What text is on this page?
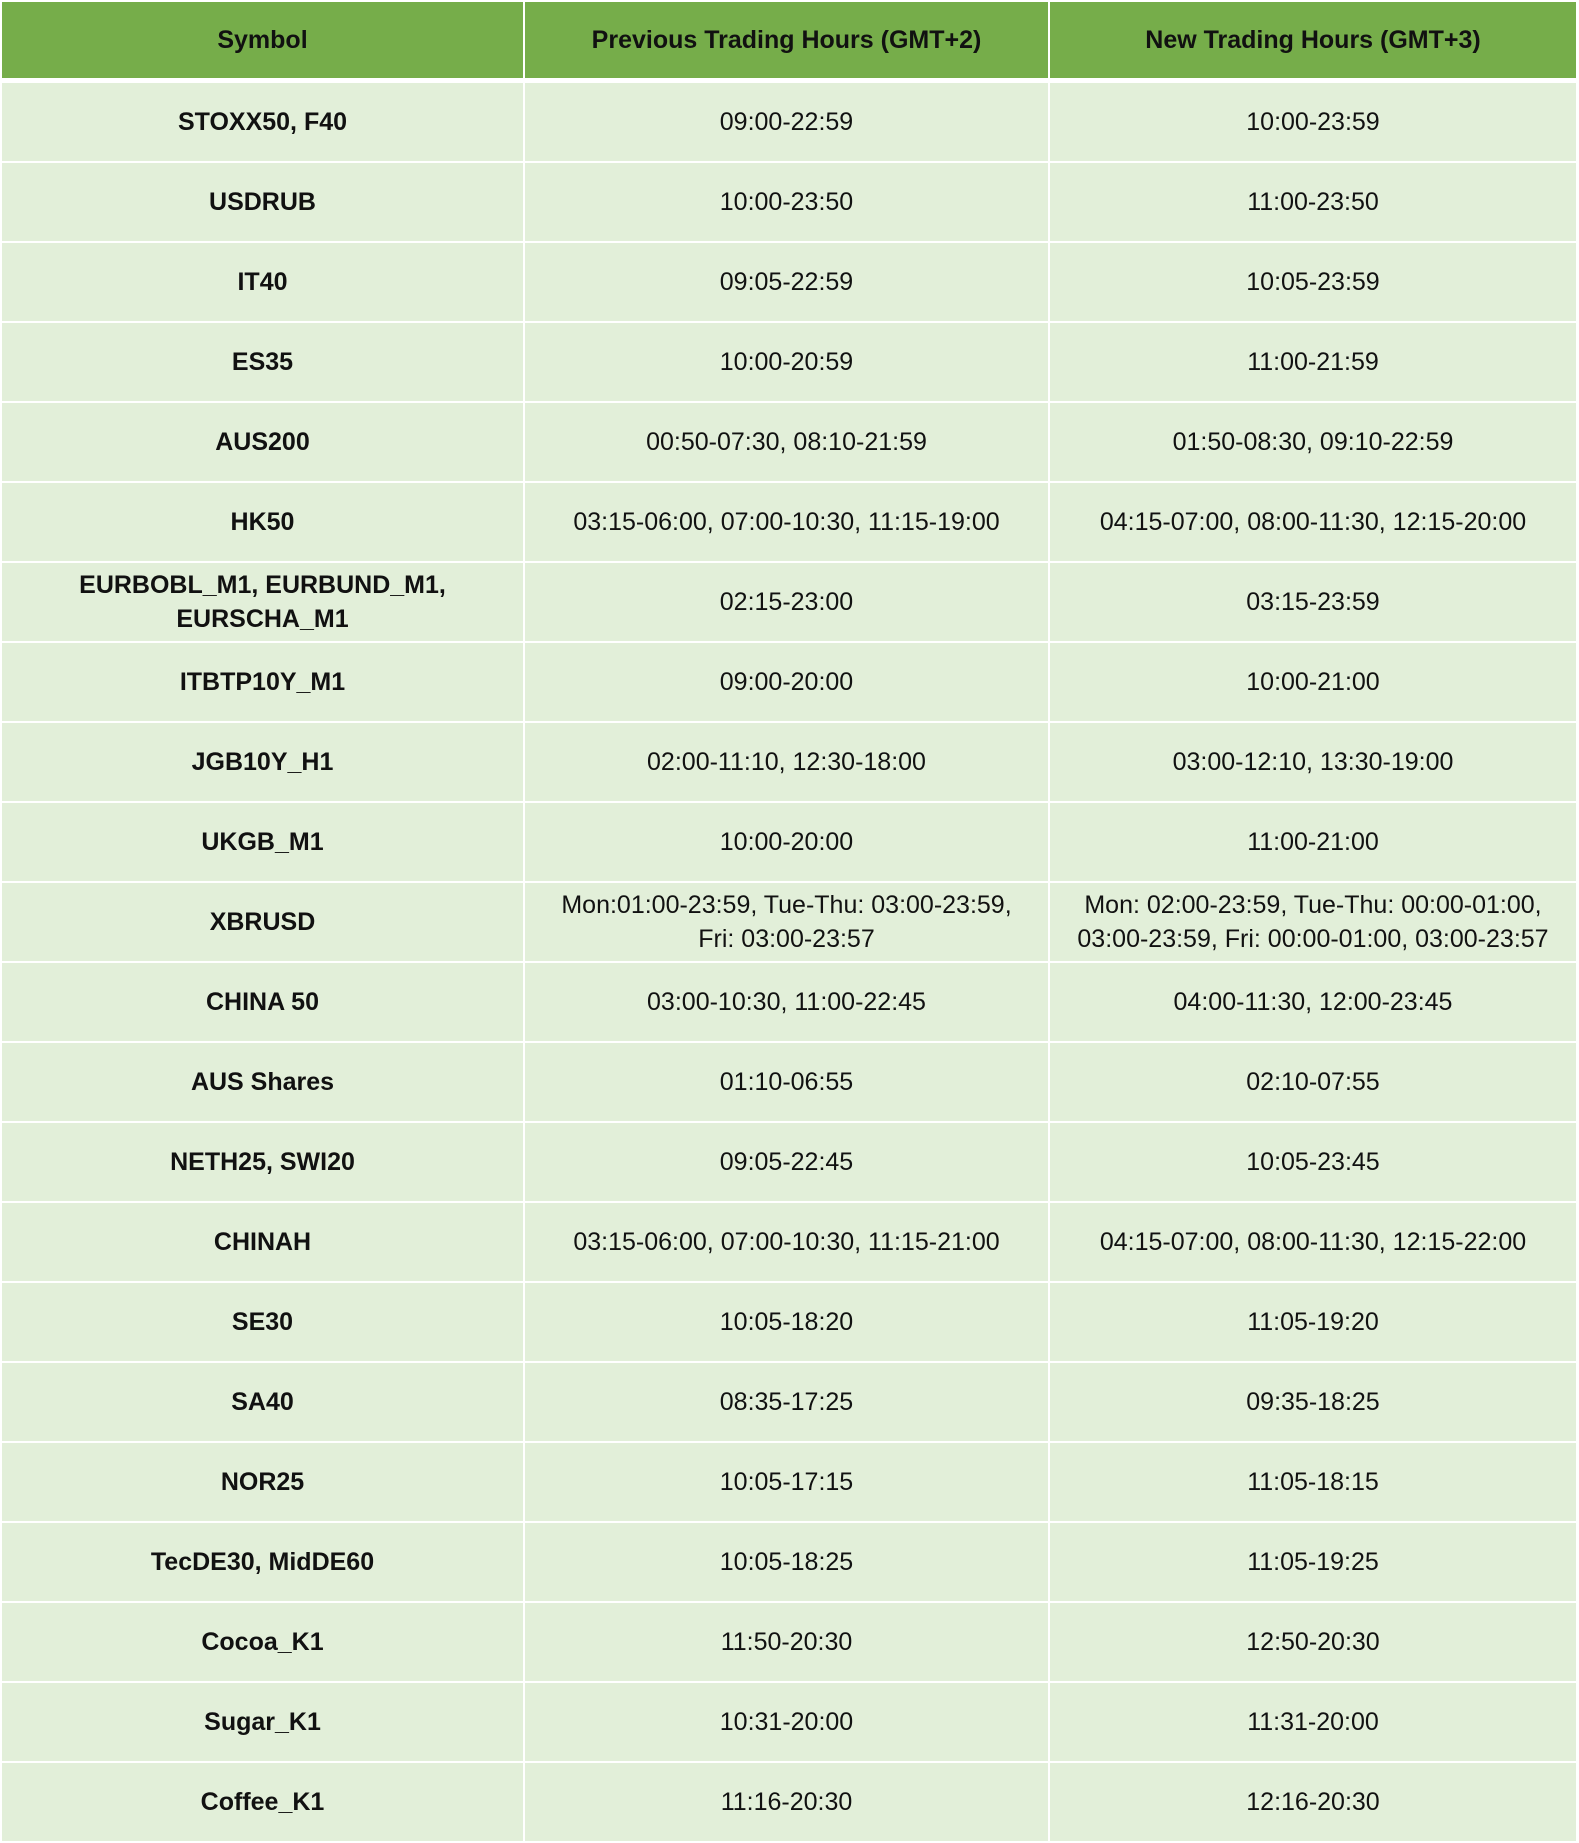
Symbol	Previous Trading Hours (GMT+2)	New Trading Hours (GMT+3)
STOXX50, F40	09:00-22:59	10:00-23:59
USDRUB	10:00-23:50	11:00-23:50
IT40	09:05-22:59	10:05-23:59
ES35	10:00-20:59	11:00-21:59
AUS200	00:50-07:30, 08:10-21:59	01:50-08:30, 09:10-22:59
HK50	03:15-06:00, 07:00-10:30, 11:15-19:00	04:15-07:00, 08:00-11:30, 12:15-20:00
EURBOBL_M1, EURBUND_M1,
EURSCHA_M1	02:15-23:00	03:15-23:59
ITBTP10Y_M1	09:00-20:00	10:00-21:00
JGB10Y_H1	02:00-11:10, 12:30-18:00	03:00-12:10, 13:30-19:00
UKGB_M1	10:00-20:00	11:00-21:00
XBRUSD	Mon:01:00-23:59, Tue-Thu: 03:00-23:59,
Fri: 03:00-23:57	Mon: 02:00-23:59, Tue-Thu: 00:00-01:00,
03:00-23:59, Fri: 00:00-01:00, 03:00-23:57
CHINA 50	03:00-10:30, 11:00-22:45	04:00-11:30, 12:00-23:45
AUS Shares	01:10-06:55	02:10-07:55
NETH25, SWI20	09:05-22:45	10:05-23:45
CHINAH	03:15-06:00, 07:00-10:30, 11:15-21:00	04:15-07:00, 08:00-11:30, 12:15-22:00
SE30	10:05-18:20	11:05-19:20
SA40	08:35-17:25	09:35-18:25
NOR25	10:05-17:15	11:05-18:15
TecDE30, MidDE60	10:05-18:25	11:05-19:25
Cocoa_K1	11:50-20:30	12:50-20:30
Sugar_K1	10:31-20:00	11:31-20:00
Coffee_K1	11:16-20:30	12:16-20:30
